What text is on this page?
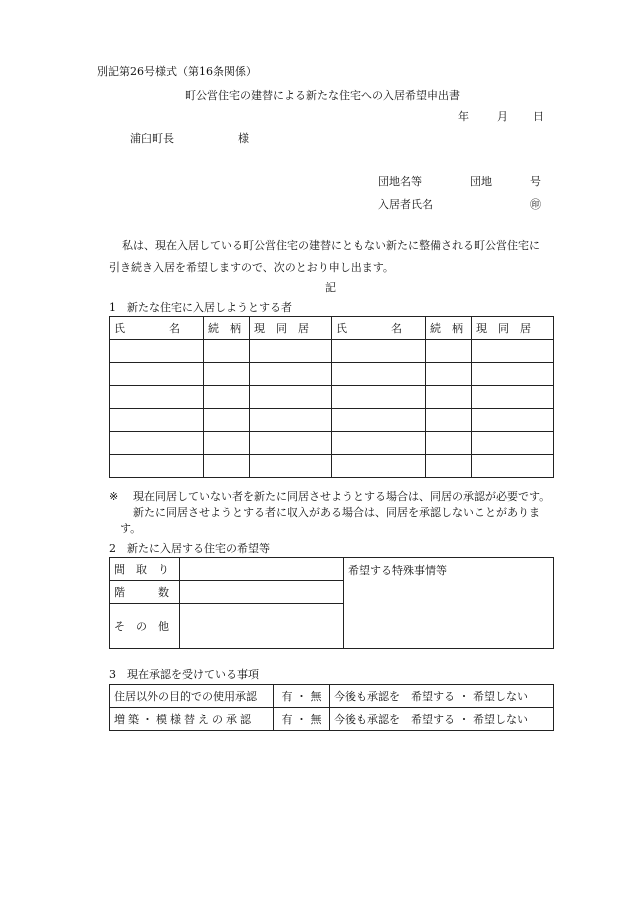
別記第26号様式（第16条関係）
町公営住宅の建替による新たな住宅への入居希望申出書
年	月 日
浦臼町長	様
団地名等	団地	号
入居者氏名	㊞
私は、現在入居している町公営住宅の建替にともない新たに整備される町公営住宅に
引き続き入居を希望しますので、次のとおり申し出ます。
記
1　新たな住宅に入居しようとする者
氏　　　　名	続　柄	現　同　居	氏　　　　名	続　柄	現　同　居

※ 現在同居していない者を新たに同居させようとする場合は、同居の承認が必要です。
新たに同居させようとする者に収入がある場合は、同居を承認しないことがありま
す。
2　新たに入居する住宅の希望等
間　取　り		希望する特殊事情等
階　　　数		
そ　の　他		
3　現在承認を受けている事項
住居以外の目的での使用承認	有 ・ 無	今後も承認を　希望する ・ 希望しない
増築・模様替えの承認	有 ・ 無	今後も承認を　希望する ・ 希望しない
